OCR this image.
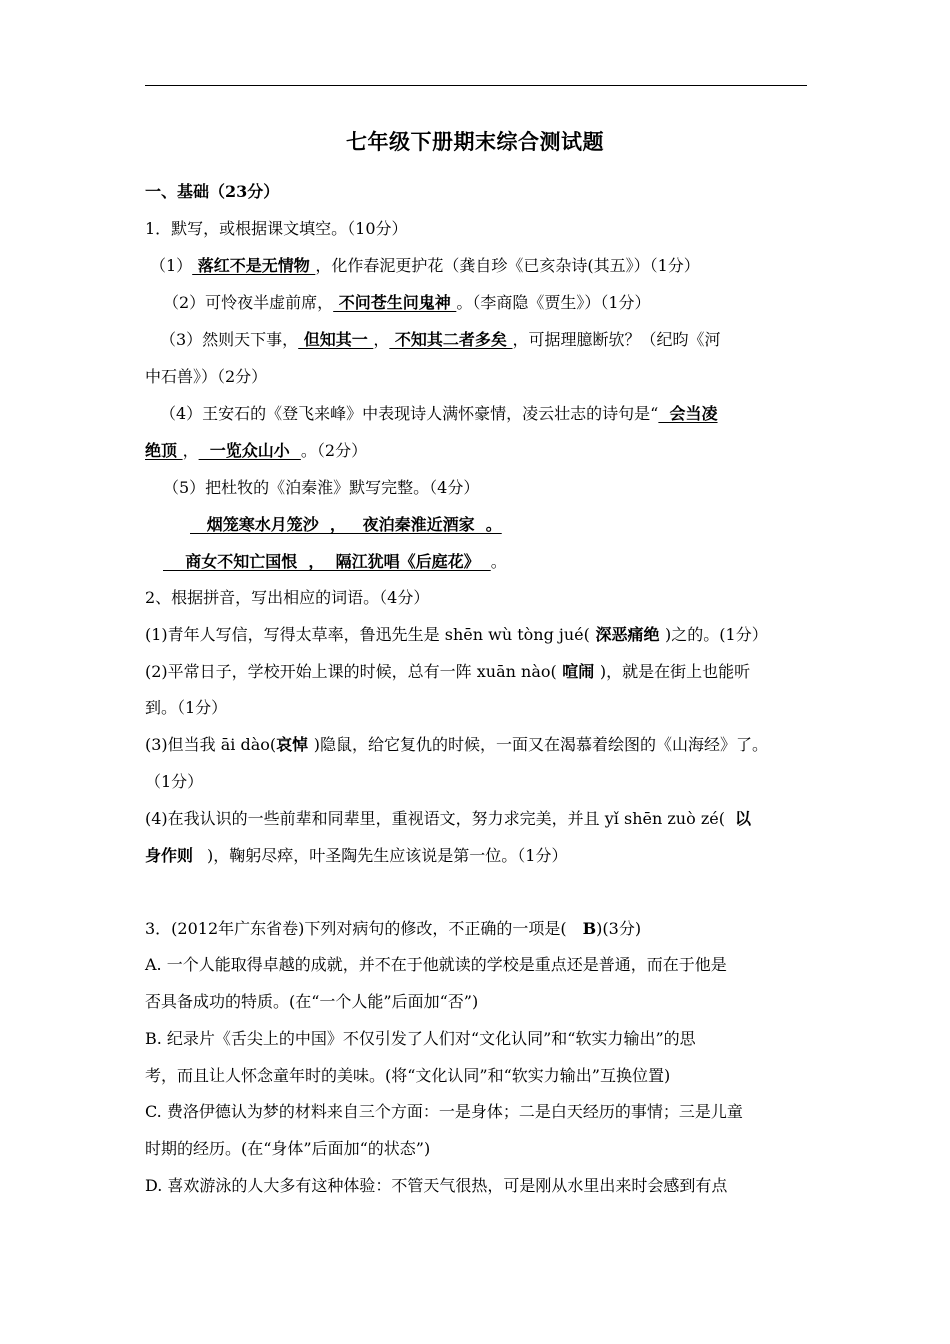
七年级下册期末综合测试题
一、基础（23分）
1．默写，或根据课文填空。（10分）
（1） 落红不是无情物 ，化作春泥更护花（龚自珍《已亥杂诗(其五》）（1分）
（2）可怜夜半虚前席， 不问苍生问鬼神 。（李商隐《贾生》）（1分）
（3）然则天下事， 但知其一 ， 不知其二者多矣 ，可据理臆断欤？（纪昀《河
中石兽》）（2分）
（4）王安石的《登飞来峰》中表现诗人满怀豪情，凌云壮志的诗句是“  会当凌
绝顶 ，  一览众山小  。（2分）
（5）把杜牧的《泊秦淮》默写完整。（4分）
烟笼寒水月笼沙  ，   夜泊秦淮近酒家  。
商女不知亡国恨  ，  隔江犹唱《后庭花》  。
2、根据拼音，写出相应的词语。（4分）
(1)青年人写信，写得太草率，鲁迅先生是 shēn wù tòng jué( 深恶痛绝 )之的。(1分）
(2)平常日子，学校开始上课的时候，总有一阵 xuān nào( 喧闹 )，就是在街上也能听
到。（1分）
(3)但当我 āi dào(哀悼 )隐鼠，给它复仇的时候，一面又在渴慕着绘图的《山海经》了。
（1分）
(4)在我认识的一些前辈和同辈里，重视语文，努力求完美，并且 yǐ shēn zuò zé( 以
身作则 )，鞠躬尽瘁，叶圣陶先生应该说是第一位。（1分）
3．(2012年广东省卷)下列对病句的修改，不正确的一项是( B)(3分)
A. 一个人能取得卓越的成就，并不在于他就读的学校是重点还是普通，而在于他是
否具备成功的特质。(在“一个人能”后面加“否”)
B. 纪录片《舌尖上的中国》不仅引发了人们对“文化认同”和“软实力输出”的思
考，而且让人怀念童年时的美味。(将“文化认同”和“软实力输出”互换位置)
C. 费洛伊德认为梦的材料来自三个方面：一是身体；二是白天经历的事情；三是儿童
时期的经历。(在“身体”后面加“的状态”)
D. 喜欢游泳的人大多有这种体验：不管天气很热，可是刚从水里出来时会感到有点
